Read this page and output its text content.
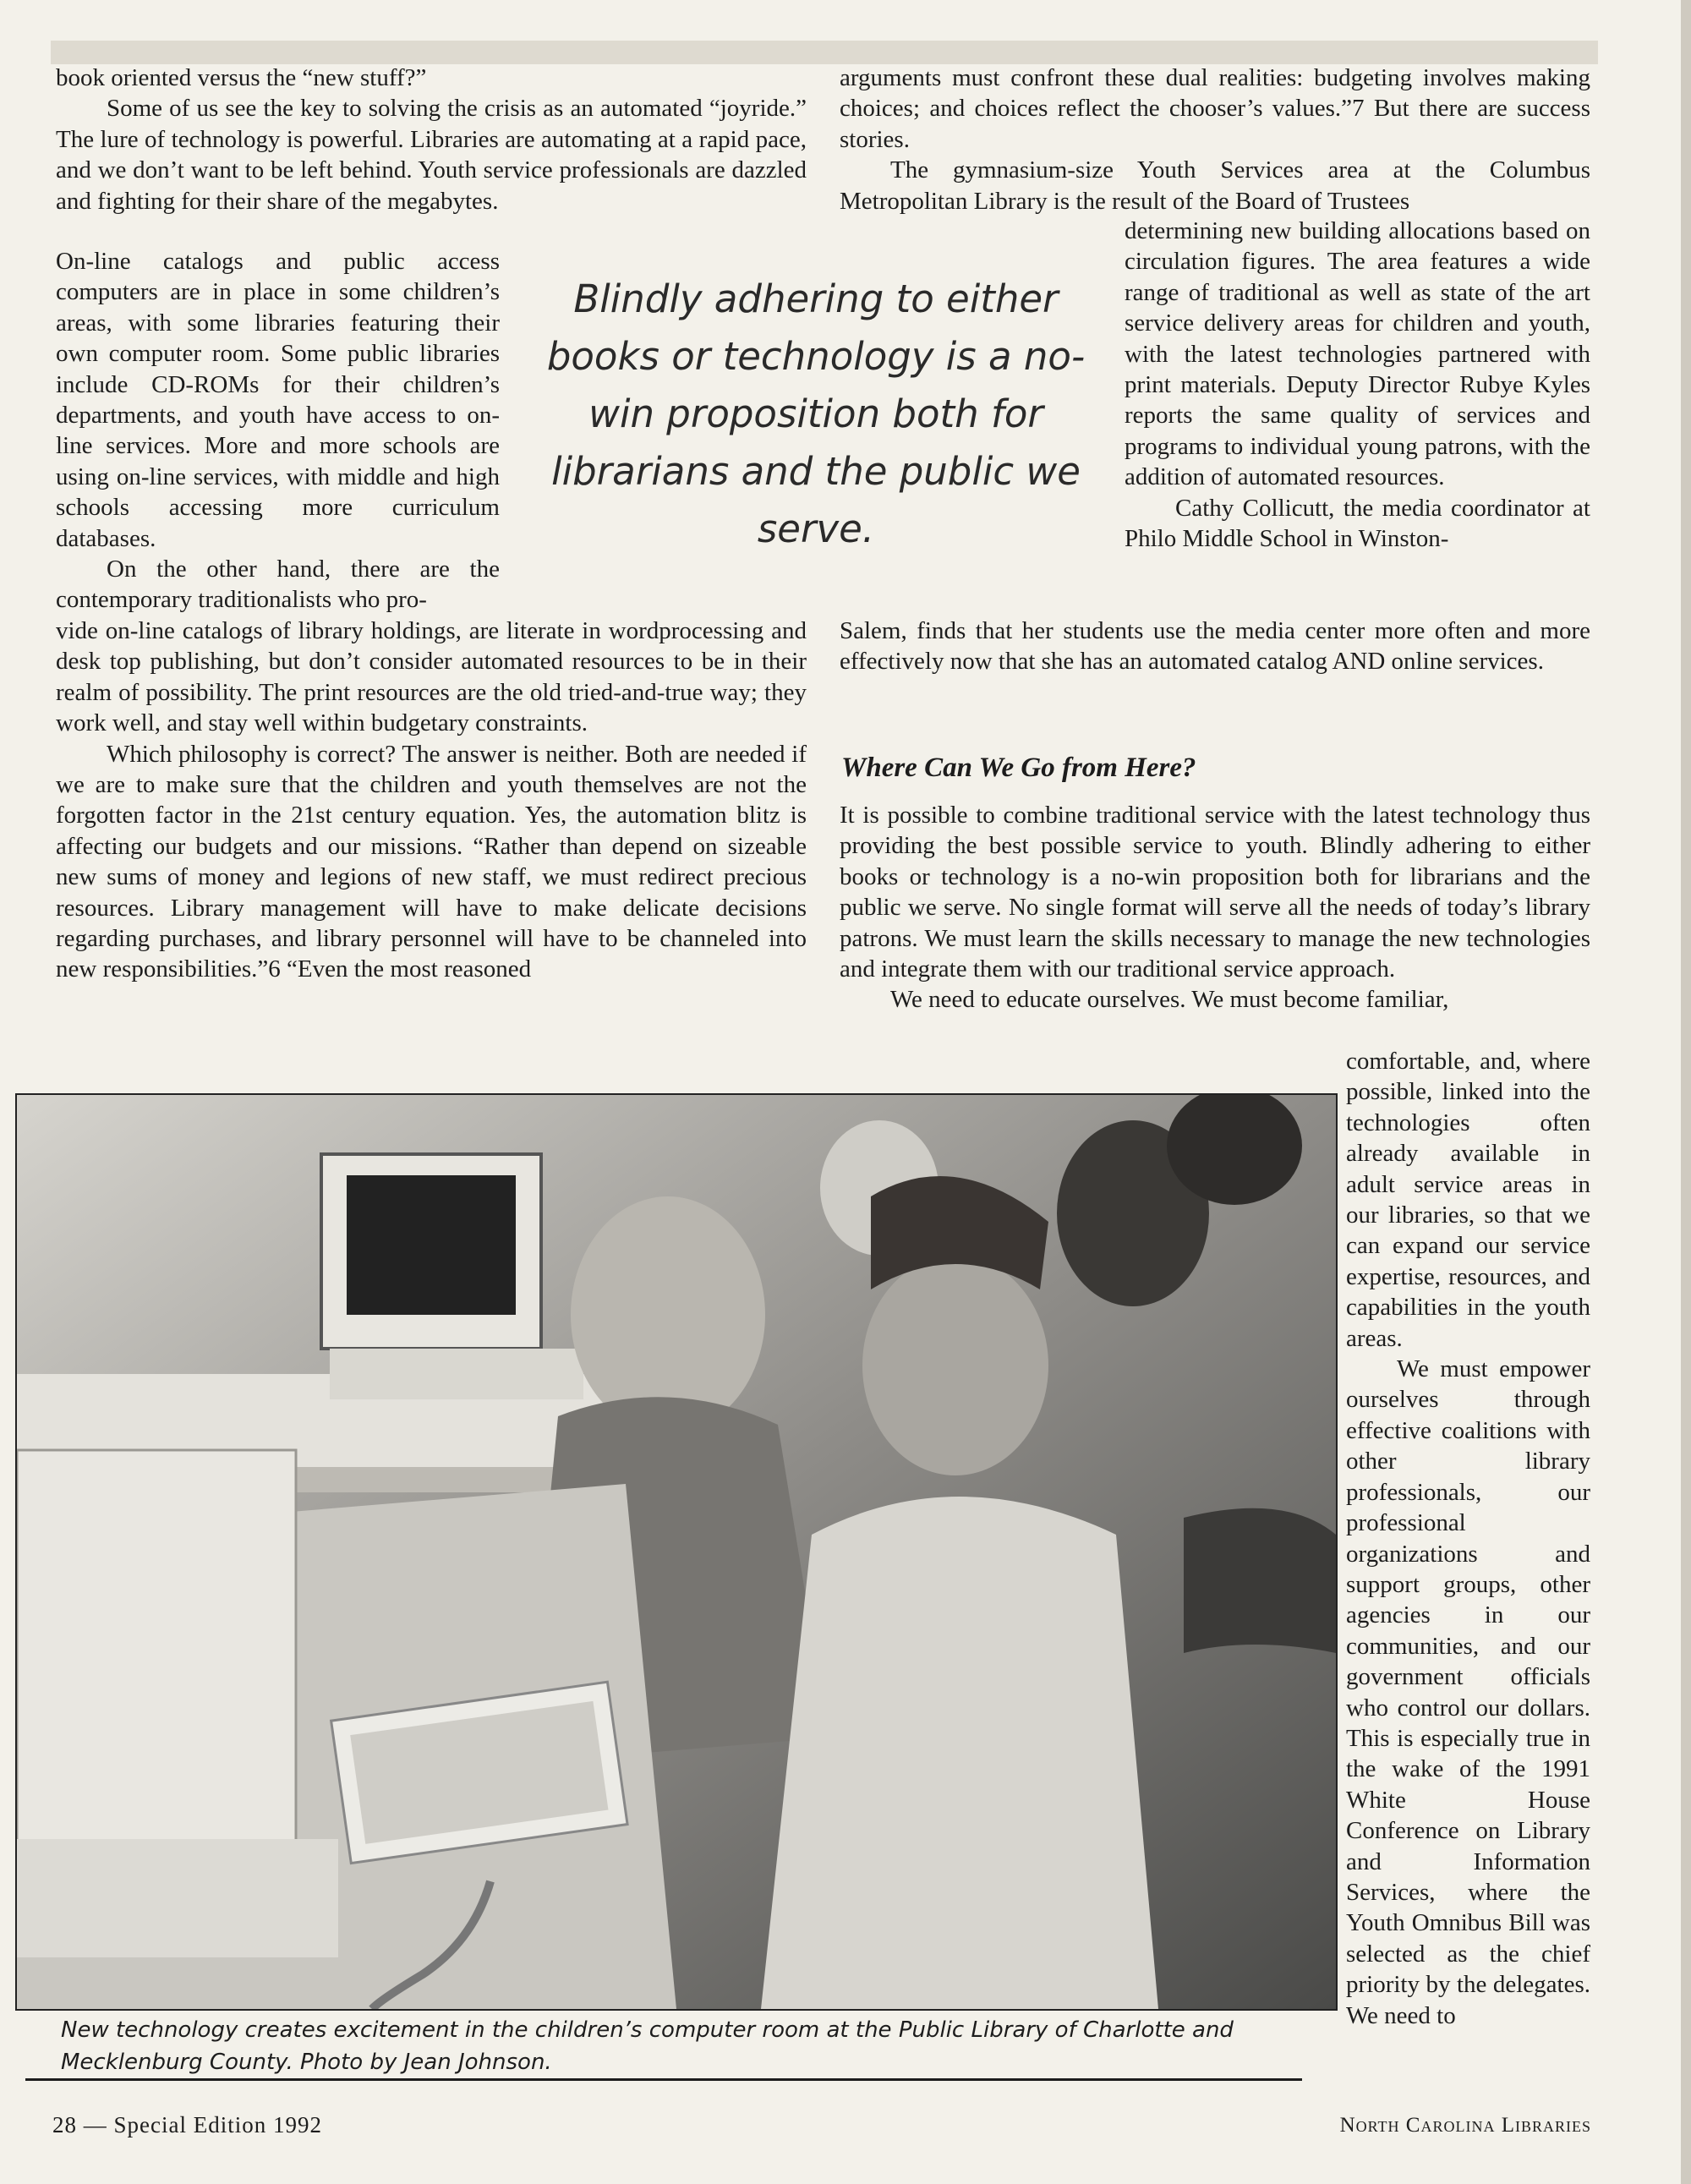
book oriented versus the “new stuff?”

Some of us see the key to solving the crisis as an automated “joyride.” The lure of technology is powerful. Libraries are automating at a rapid pace, and we don’t want to be left behind. Youth service professionals are dazzled and fighting for their share of the megabytes.

On-line catalogs and public access computers are in place in some children’s areas, with some libraries featuring their own computer room. Some public libraries include CD-ROMs for their children’s departments, and youth have access to on-line services. More and more schools are using on-line services, with middle and high schools accessing more curriculum databases.

On the other hand, there are the contemporary traditionalists who pro-

Blindly adhering to either books or technology is a no-win proposition both for librarians and the public we serve.

vide on-line catalogs of library holdings, are literate in wordprocessing and desk top publishing, but don’t consider automated resources to be in their realm of possibility. The print resources are the old tried-and-true way; they work well, and stay well within budgetary constraints.

Which philosophy is correct? The answer is neither. Both are needed if we are to make sure that the children and youth themselves are not the forgotten factor in the 21st century equation. Yes, the automation blitz is affecting our budgets and our missions. “Rather than depend on sizeable new sums of money and legions of new staff, we must redirect precious resources. Library management will have to make delicate decisions regarding purchases, and library personnel will have to be channeled into new responsibilities.”6 “Even the most reasoned

arguments must confront these dual realities: budgeting involves making choices; and choices reflect the chooser’s values.”7 But there are success stories.

The gymnasium-size Youth Services area at the Columbus Metropolitan Library is the result of the Board of Trustees

determining new building allocations based on circulation figures. The area features a wide range of traditional as well as state of the art service delivery areas for children and youth, with the latest technologies partnered with print materials. Deputy Director Rubye Kyles reports the same quality of services and programs to individual young patrons, with the addition of automated resources.

Cathy Collicutt, the media coordinator at Philo Middle School in Winston-

Salem, finds that her students use the media center more often and more effectively now that she has an automated catalog AND online services.

Where Can We Go from Here?

It is possible to combine traditional service with the latest technology thus providing the best possible service to youth. Blindly adhering to either books or technology is a no-win proposition both for librarians and the public we serve. No single format will serve all the needs of today’s library patrons. We must learn the skills necessary to manage the new technologies and integrate them with our traditional service approach.

We need to educate ourselves. We must become familiar,

comfortable, and, where possible, linked into the technologies often already available in adult service areas in our libraries, so that we can expand our service expertise, resources, and capabilities in the youth areas.

We must empower ourselves through effective coalitions with other library professionals, our professional organizations and support groups, other agencies in our communities, and our government officials who control our dollars. This is especially true in the wake of the 1991 White House Conference on Library and Information Services, where the Youth Omnibus Bill was selected as the chief priority by the delegates. We need to

New technology creates excitement in the children’s computer room at the Public Library of Charlotte and Mecklenburg County. Photo by Jean Johnson.
28 — Special Edition 1992	North Carolina Libraries
